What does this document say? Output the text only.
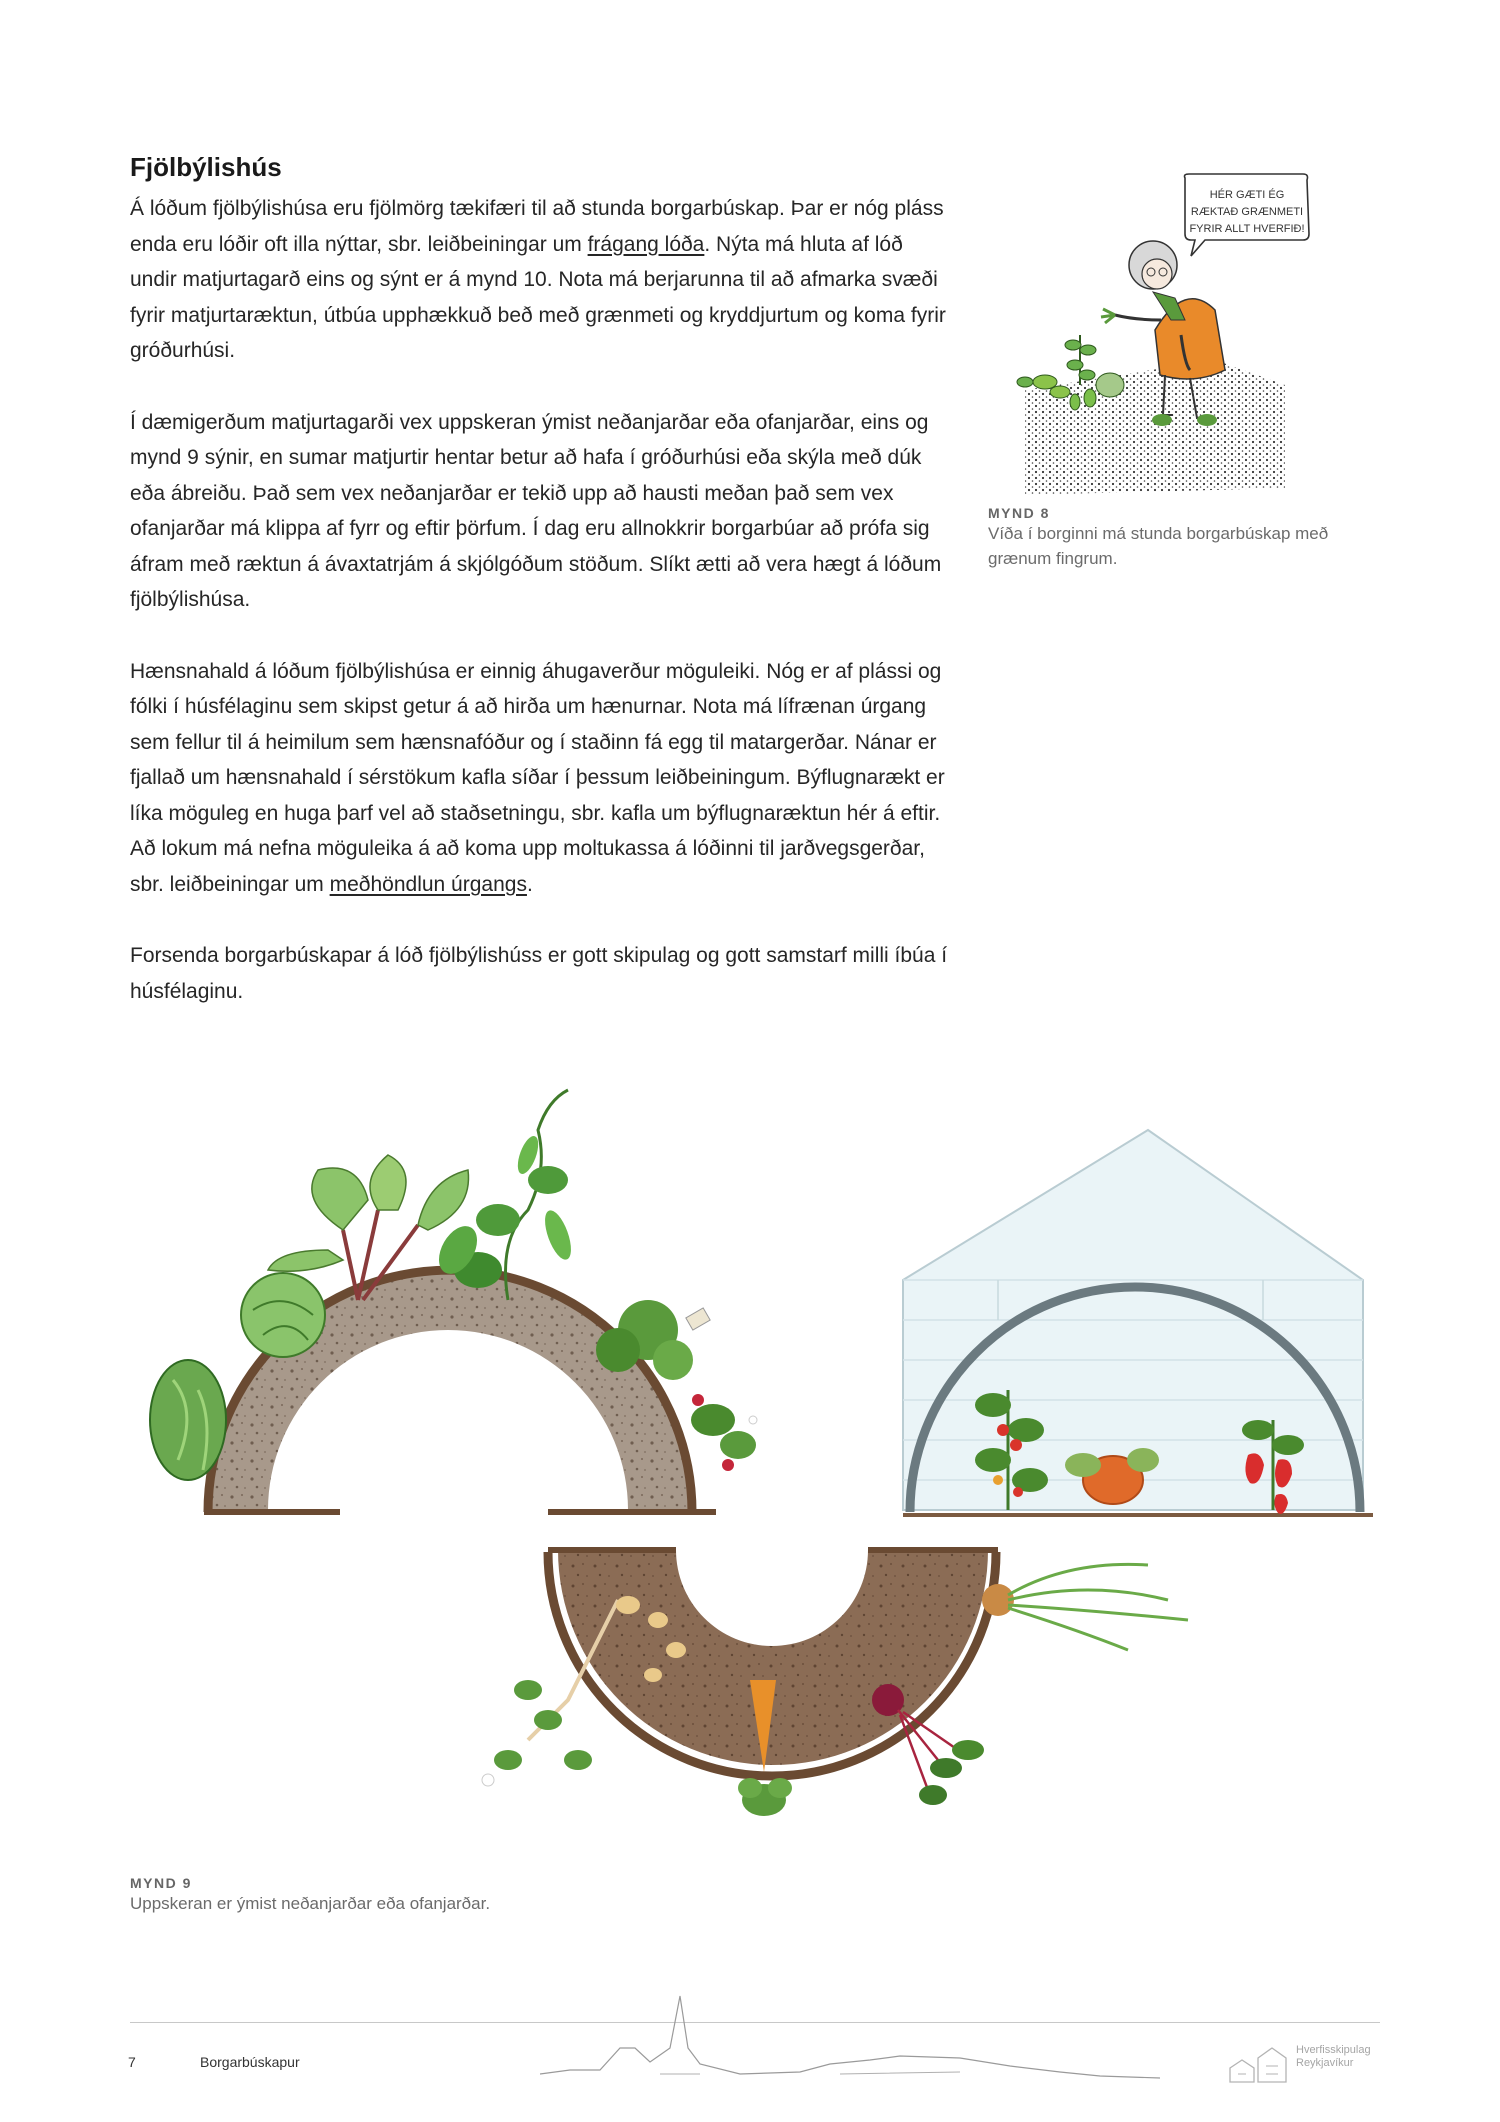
Fjölbýlishús

Á lóðum fjölbýlishúsa eru fjölmörg tækifæri til að stunda borgarbúskap. Þar er nóg pláss enda eru lóðir oft illa nýttar, sbr. leiðbeiningar um frágang lóða. Nýta má hluta af lóð undir matjurtagarð eins og sýnt er á mynd 10. Nota má berjarunna til að afmarka svæði fyrir matjurtaræktun, útbúa upphækkuð beð með grænmeti og kryddjurtum og koma fyrir gróðurhúsi.

Í dæmigerðum matjurtagarði vex uppskeran ýmist neðanjarðar eða ofanjarðar, eins og mynd 9 sýnir, en sumar matjurtir hentar betur að hafa í gróðurhúsi eða skýla með dúk eða ábreiðu. Það sem vex neðanjarðar er tekið upp að hausti meðan það sem vex ofanjarðar má klippa af fyrr og eftir þörfum. Í dag eru allnokkrir borgarbúar að prófa sig áfram með ræktun á ávaxtatrjám á skjólgóðum stöðum. Slíkt ætti að vera hægt á lóðum fjölbýlishúsa.

Hænsnahald á lóðum fjölbýlishúsa er einnig áhugaverður möguleiki. Nóg er af plássi og fólki í húsfélaginu sem skipst getur á að hirða um hænurnar. Nota má lífrænan úrgang sem fellur til á heimilum sem hænsnafóður og í staðinn fá egg til matargerðar. Nánar er fjallað um hænsnahald í sérstökum kafla síðar í þessum leiðbeiningum. Býflugnarækt er líka möguleg en huga þarf vel að staðsetningu, sbr. kafla um býflugnaræktun hér á eftir. Að lokum má nefna möguleika á að koma upp moltukassa á lóðinni til jarðvegsgerðar, sbr. leiðbeiningar um meðhöndlun úrgangs.

Forsenda borgarbúskapar á lóð fjölbýlishúss er gott skipulag og gott samstarf milli íbúa í húsfélaginu.

HÉR GÆTI ÉG
RÆKTAÐ GRÆNMETI
FYRIR ALLT HVERFIÐ!
MYND 8
Víða í borginni má stunda borgarbúskap með grænum fingrum.
MYND 9
Uppskeran er ýmist neðanjarðar eða ofanjarðar.
7	Borgarbúskapur
Hverfisskipulag
Reykjavíkur
